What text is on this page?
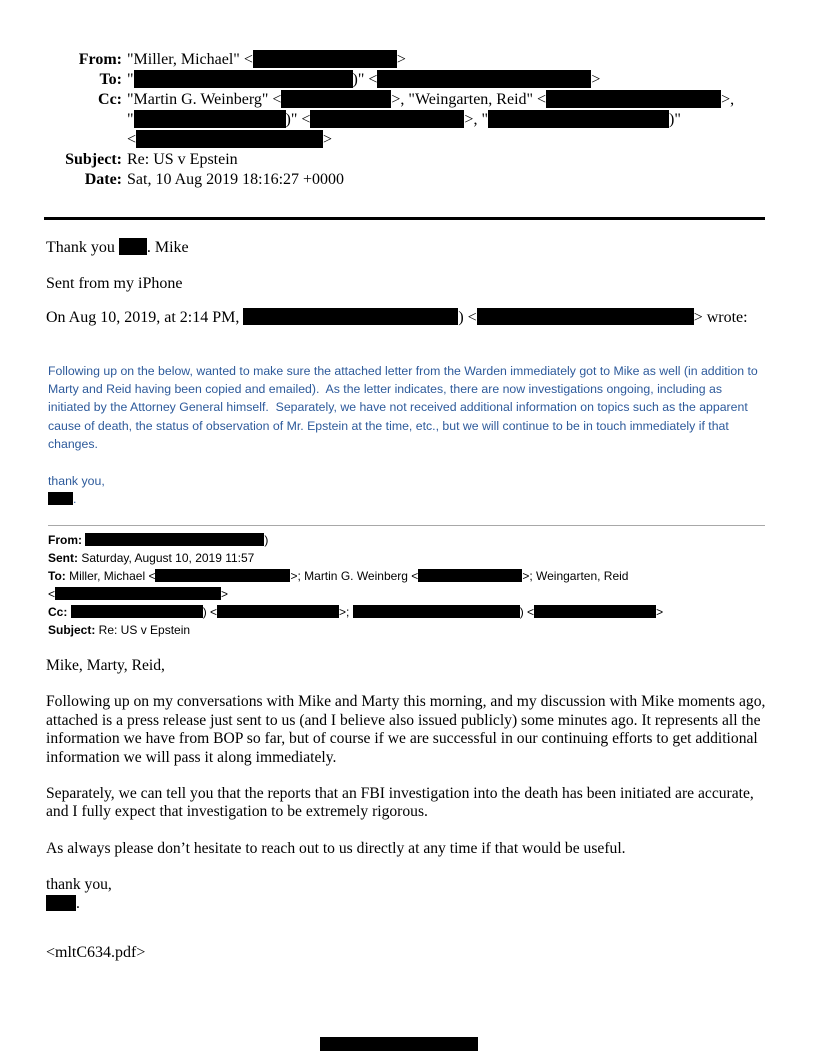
From: "Miller, Michael" <	>
To: "	)" <	>
Cc: "Martin G. Weinberg" <	>, "Weingarten, Reid" <	>,
"	)" <	>, "	)"
<	>
Subject: Re: US v Epstein
Date: Sat, 10 Aug 2019 18:16:27 +0000
Thank you . Mike
Sent from my iPhone
On Aug 10, 2019, at 2:14 PM,	) <	> wrote:

Following up on the below, wanted to make sure the attached letter from the Warden immediately got to Mike as well (in addition to Marty and Reid having been copied and emailed).  As the letter indicates, there are now investigations ongoing, including as initiated by the Attorney General himself.  Separately, we have not received additional information on topics such as the apparent cause of death, the status of observation of Mr. Epstein at the time, etc., but we will continue to be in touch immediately if that changes.

thank you,

.
From:	)
Sent: Saturday, August 10, 2019 11:57
To: Miller, Michael <	>; Martin G. Weinberg <	>; Weingarten, Reid
<	>
Cc:	) <	>;	) <	>
Subject: Re: US v Epstein

Mike, Marty, Reid,

Following up on my conversations with Mike and Marty this morning, and my discussion with Mike moments ago, attached is a press release just sent to us (and I believe also issued publicly) some minutes ago. It represents all the information we have from BOP so far, but of course if we are successful in our continuing efforts to get additional information we will pass it along immediately.

Separately, we can tell you that the reports that an FBI investigation into the death has been initiated are accurate, and I fully expect that investigation to be extremely rigorous.

As always please don’t hesitate to reach out to us directly at any time if that would be useful.

thank you,

.
<mltC634.pdf>
